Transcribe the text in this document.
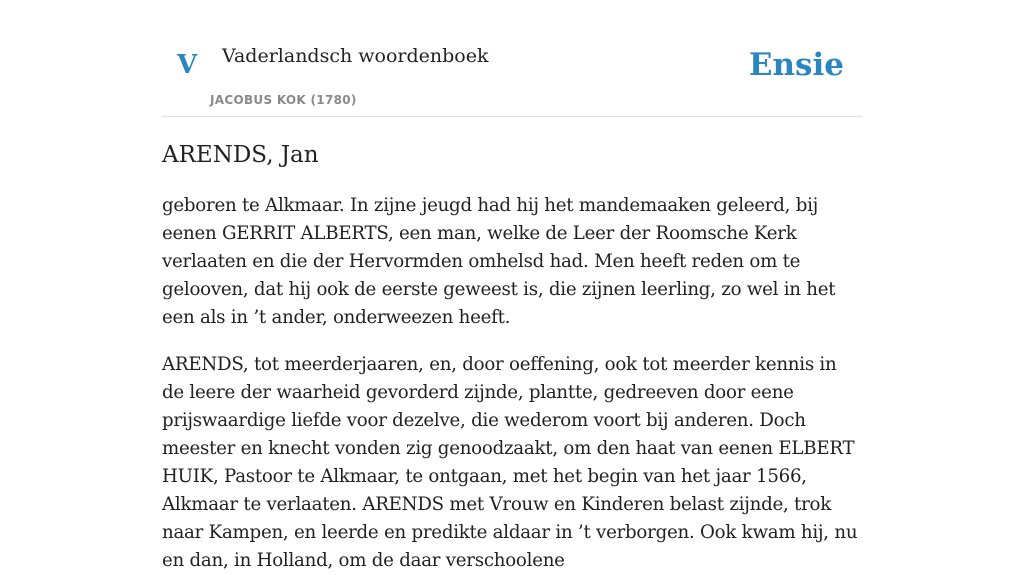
V Vaderlandsch woordenboek
JACOBUS KOK (1780)
Ensie
ARENDS, Jan

geboren te Alkmaar. In zijne jeugd had hij het mandemaaken geleerd, bij eenen GERRIT ALBERTS, een man, welke de Leer der Roomsche Kerk verlaaten en die der Hervormden omhelsd had. Men heeft reden om te gelooven, dat hij ook de eerste geweest is, die zijnen leerling, zo wel in het een als in ’t ander, onderweezen heeft.

ARENDS, tot meerderjaaren, en, door oeffening, ook tot meerder kennis in de leere der waarheid gevorderd zijnde, plantte, gedreeven door eene prijswaardige liefde voor dezelve, die wederom voort bij anderen. Doch meester en knecht vonden zig genoodzaakt, om den haat van eenen ELBERT HUIK, Pastoor te Alkmaar, te ontgaan, met het begin van het jaar 1566, Alkmaar te verlaaten. ARENDS met Vrouw en Kinderen belast zijnde, trok naar Kampen, en leerde en predikte aldaar in ’t verborgen. Ook kwam hij, nu en dan, in Holland, om de daar verschoolene
